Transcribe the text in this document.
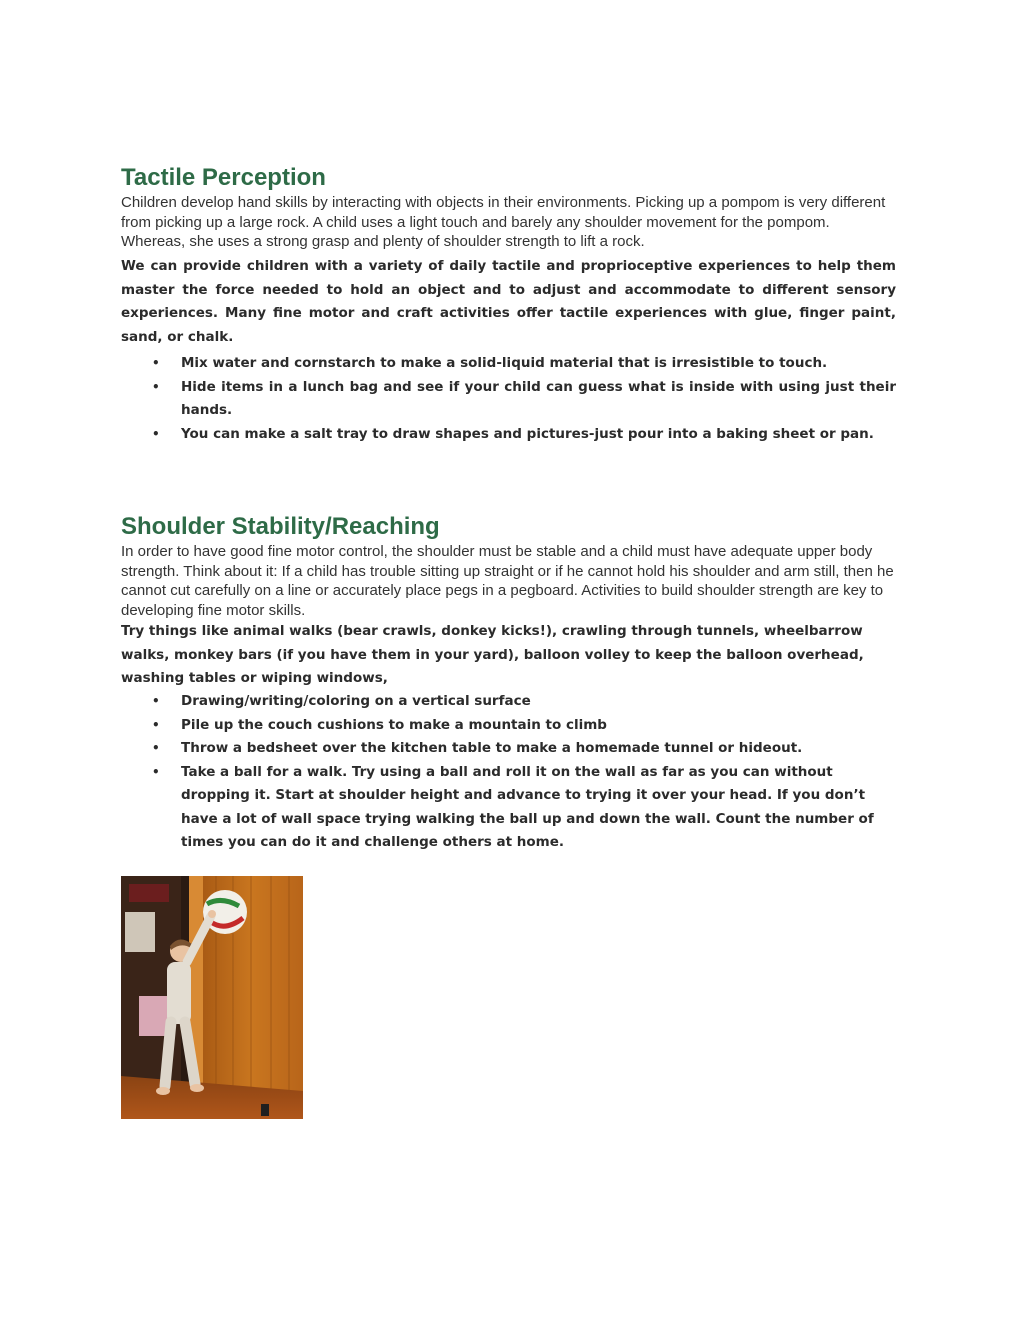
Tactile Perception

Children develop hand skills by interacting with objects in their environments. Picking up a pompom is very different from picking up a large rock. A child uses a light touch and barely any shoulder movement for the pompom. Whereas, she uses a strong grasp and plenty of shoulder strength to lift a rock.

We can provide children with a variety of daily tactile and proprioceptive experiences to help them master the force needed to hold an object and to adjust and accommodate to different sensory experiences. Many fine motor and craft activities offer tactile experiences with glue, finger paint, sand, or chalk.

• Mix water and cornstarch to make a solid-liquid material that is irresistible to touch.
• Hide items in a lunch bag and see if your child can guess what is inside with using just their hands.
• You can make a salt tray to draw shapes and pictures-just pour into a baking sheet or pan.
Shoulder Stability/Reaching

In order to have good fine motor control, the shoulder must be stable and a child must have adequate upper body strength. Think about it: If a child has trouble sitting up straight or if he cannot hold his shoulder and arm still, then he cannot cut carefully on a line or accurately place pegs in a pegboard. Activities to build shoulder strength are key to developing fine motor skills.

Try things like animal walks (bear crawls, donkey kicks!), crawling through tunnels, wheelbarrow walks, monkey bars (if you have them in your yard), balloon volley to keep the balloon overhead, washing tables or wiping windows,

• Drawing/writing/coloring on a vertical surface
• Pile up the couch cushions to make a mountain to climb
• Throw a bedsheet over the kitchen table to make a homemade tunnel or hideout.
• Take a ball for a walk. Try using a ball and roll it on the wall as far as you can without dropping it. Start at shoulder height and advance to trying it over your head. If you don’t have a lot of wall space trying walking the ball up and down the wall. Count the number of times you can do it and challenge others at home.
